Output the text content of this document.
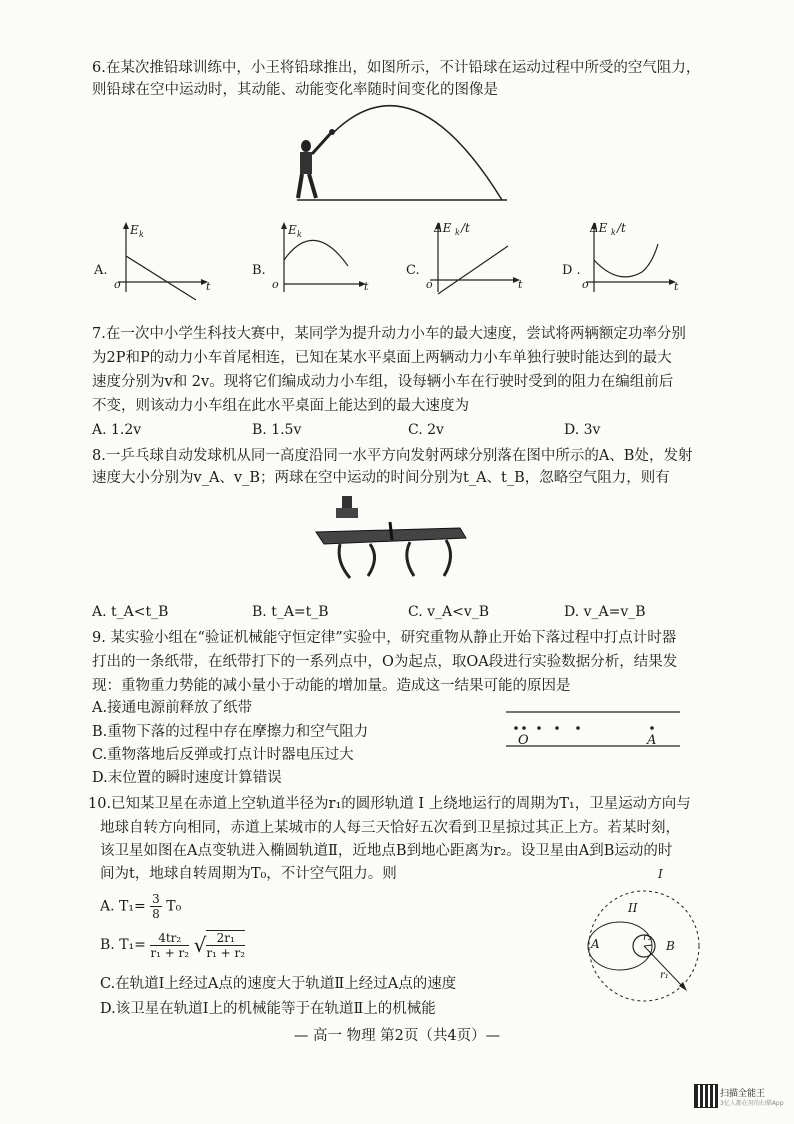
6.在某次推铅球训练中，小王将铅球推出，如图所示，不计铅球在运动过程中所受的空气阻力，
则铅球在空中运动时，其动能、动能变化率随时间变化的图像是
A.
E k
o	t
B.
E k
o	t
C.
ΔE k /t
o	t
D .
ΔE k /t
o	t
7.在一次中小学生科技大赛中，某同学为提升动力小车的最大速度，尝试将两辆额定功率分别
为2P和P的动力小车首尾相连，已知在某水平桌面上两辆动力小车单独行驶时能达到的最大
速度分别为v和 2v。现将它们编成动力小车组，设每辆小车在行驶时受到的阻力在编组前后
不变，则该动力小车组在此水平桌面上能达到的最大速度为
A. 1.2v	B. 1.5v	C. 2v	D. 3v
8.一乒乓球自动发球机从同一高度沿同一水平方向发射两球分别落在图中所示的A、B处，发射
速度大小分别为v_A、v_B；两球在空中运动的时间分别为t_A、t_B，忽略空气阻力，则有
A. t_A<t_B	B. t_A=t_B	C. v_A<v_B	D. v_A=v_B
9. 某实验小组在“验证机械能守恒定律”实验中，研究重物从静止开始下落过程中打点计时器
打出的一条纸带，在纸带打下的一系列点中，O为起点，取OA段进行实验数据分析，结果发
现：重物重力势能的减小量小于动能的增加量。造成这一结果可能的原因是
A.接通电源前释放了纸带
B.重物下落的过程中存在摩擦力和空气阻力
C.重物落地后反弹或打点计时器电压过大
D.末位置的瞬时速度计算错误
O	A
10.已知某卫星在赤道上空轨道半径为r₁的圆形轨道 I 上绕地运行的周期为T₁，卫星运动方向与
地球自转方向相同，赤道上某城市的人每三天恰好五次看到卫星掠过其正上方。若某时刻，
该卫星如图在A点变轨进入椭圆轨道Ⅱ，近地点B到地心距离为r₂。设卫星由A到B运动的时
间为t，地球自转周期为T₀，不计空气阻力。则
A. $T_1= \frac{3}{8} T_0$
B. $T_1= \frac{\text{4tr₂}}{\text{r₁ + r₂}}$ √ $\frac{\text{2r₁}}{\text{r₁ + r₂}}$
C.在轨道Ⅰ上经过A点的速度大于轨道Ⅱ上经过A点的速度
D.该卫星在轨道Ⅰ上的机械能等于在轨道Ⅱ上的机械能
I
II
A	B
r₂
r₁
— 高一 物理 第2页（共4页）—
扫描全能王
3亿人都在用的扫描App
